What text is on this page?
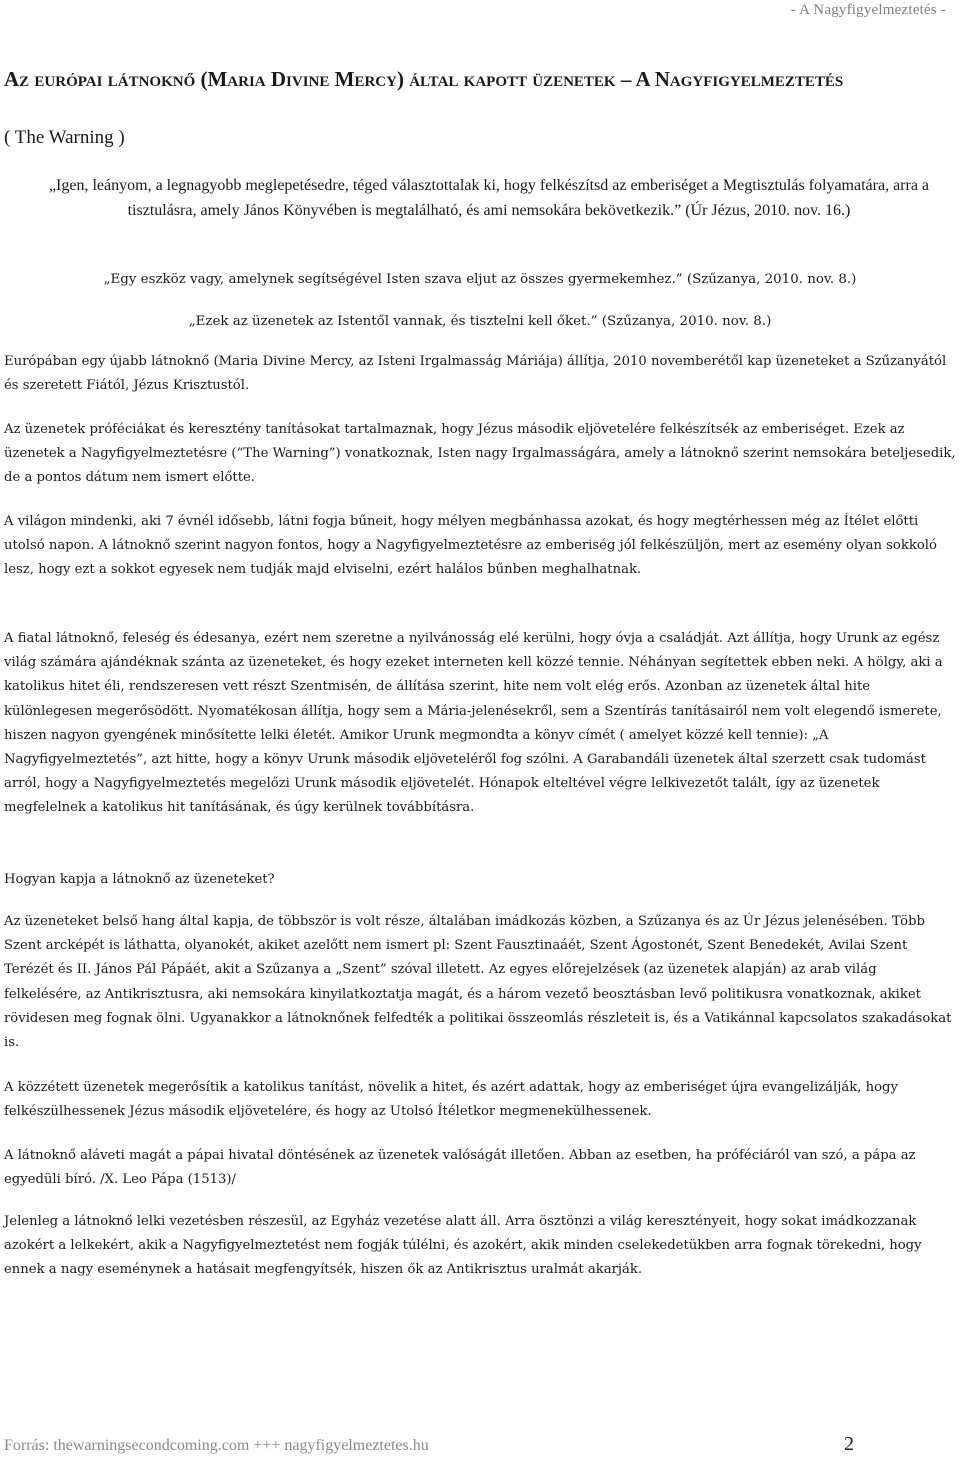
- A Nagyfigyelmeztetés -
Az európai látnoknő (Maria Divine Mercy) által kapott üzenetek – A Nagyfigyelmeztetés
( The Warning )
„Igen, leányom, a legnagyobb meglepetésedre, téged választottalak ki, hogy felkészítsd az emberiséget a Megtisztulás folyamatára, arra a tisztulásra, amely János Könyvében is megtalálható, és ami nemsokára bekövetkezik.” (Úr Jézus, 2010. nov. 16.)
„Egy eszköz vagy, amelynek segítségével Isten szava eljut az összes gyermekemhez.” (Szűzanya, 2010. nov. 8.)
„Ezek az üzenetek az Istentől vannak, és tisztelni kell őket.” (Szűzanya, 2010. nov. 8.)

Európában egy újabb látnoknő (Maria Divine Mercy, az Isteni Irgalmasság Máriája) állítja, 2010 novemberétől kap üzeneteket a Szűzanyától és szeretett Fiától, Jézus Krisztustól.

Az üzenetek próféciákat és keresztény tanításokat tartalmaznak, hogy Jézus második eljövetelére felkészítsék az emberiséget. Ezek az üzenetek a Nagyfigyelmeztetésre (“The Warning”) vonatkoznak, Isten nagy Irgalmasságára, amely a látnoknő szerint nemsokára beteljesedik, de a pontos dátum nem ismert előtte.

A világon mindenki, aki 7 évnél idősebb, látni fogja bűneit, hogy mélyen megbánhassa azokat, és hogy megtérhessen még az Ítélet előtti utolsó napon. A látnoknő szerint nagyon fontos, hogy a Nagyfigyelmeztetésre az emberiség jól felkészüljön, mert az esemény olyan sokkoló lesz, hogy ezt a sokkot egyesek nem tudják majd elviselni, ezért halálos bűnben meghalhatnak.

A fiatal látnoknő, feleség és édesanya, ezért nem szeretne a nyilvánosság elé kerülni, hogy óvja a családját. Azt állítja, hogy Urunk az egész világ számára ajándéknak szánta az üzeneteket, és hogy ezeket interneten kell közzé tennie. Néhányan segítettek ebben neki. A hölgy, aki a katolikus hitet éli, rendszeresen vett részt Szentmisén, de állítása szerint, hite nem volt elég erős. Azonban az üzenetek által hite különlegesen megerősödött. Nyomatékosan állítja, hogy sem a Mária-jelenésekről, sem a Szentírás tanításairól nem volt elegendő ismerete, hiszen nagyon gyengének minősítette lelki életét. Amikor Urunk megmondta a könyv címét ( amelyet közzé kell tennie): „A Nagyfigyelmeztetés”, azt hitte, hogy a könyv Urunk második eljöveteléről fog szólni. A Garabandáli üzenetek által szerzett csak tudomást arról, hogy a Nagyfigyelmeztetés megelőzi Urunk második eljövetelét. Hónapok elteltével végre lelkivezetőt talált, így az üzenetek megfelelnek a katolikus hit tanításának, és úgy kerülnek továbbításra.

Hogyan kapja a látnoknő az üzeneteket?

Az üzeneteket belső hang által kapja, de többször is volt része, általában imádkozás közben, a Szűzanya és az Úr Jézus jelenésében. Több Szent arcképét is láthatta, olyanokét, akiket azelőtt nem ismert pl: Szent Fausztinaáét, Szent Ágostonét, Szent Benedekét, Avilai Szent Terézét és II. János Pál Pápáét, akit a Szűzanya a „Szent” szóval illetett. Az egyes előrejelzések (az üzenetek alapján) az arab világ felkelésére, az Antikrisztusra, aki nemsokára kinyilatkoztatja magát, és a három vezető beosztásban levő politikusra vonatkoznak, akiket rövidesen meg fognak ölni. Ugyanakkor a látnoknőnek felfedték a politikai összeomlás részleteit is, és a Vatikánnal kapcsolatos szakadásokat is.

A közzétett üzenetek megerősítik a katolikus tanítást, növelik a hitet, és azért adattak, hogy az emberiséget újra evangelizálják, hogy felkészülhessenek Jézus második eljövetelére, és hogy az Utolsó Ítéletkor megmenekülhessenek.

A látnoknő aláveti magát a pápai hivatal döntésének az üzenetek valóságát illetően. Abban az esetben, ha próféciáról van szó, a pápa az egyedüli bíró. /X. Leo Pápa (1513)/

Jelenleg a látnoknő lelki vezetésben részesül, az Egyház vezetése alatt áll. Arra ösztönzi a világ keresztényeit, hogy sokat imádkozzanak azokért a lelkekért, akik a Nagyfigyelmeztetést nem fogják túlélni, és azokért, akik minden cselekedetükben arra fognak törekedni, hogy ennek a nagy eseménynek a hatásait megfengyítsék, hiszen ők az Antikrisztus uralmát akarják.

Forrás: thewarningsecondcoming.com +++ nagyfigyelmeztetes.hu	2
